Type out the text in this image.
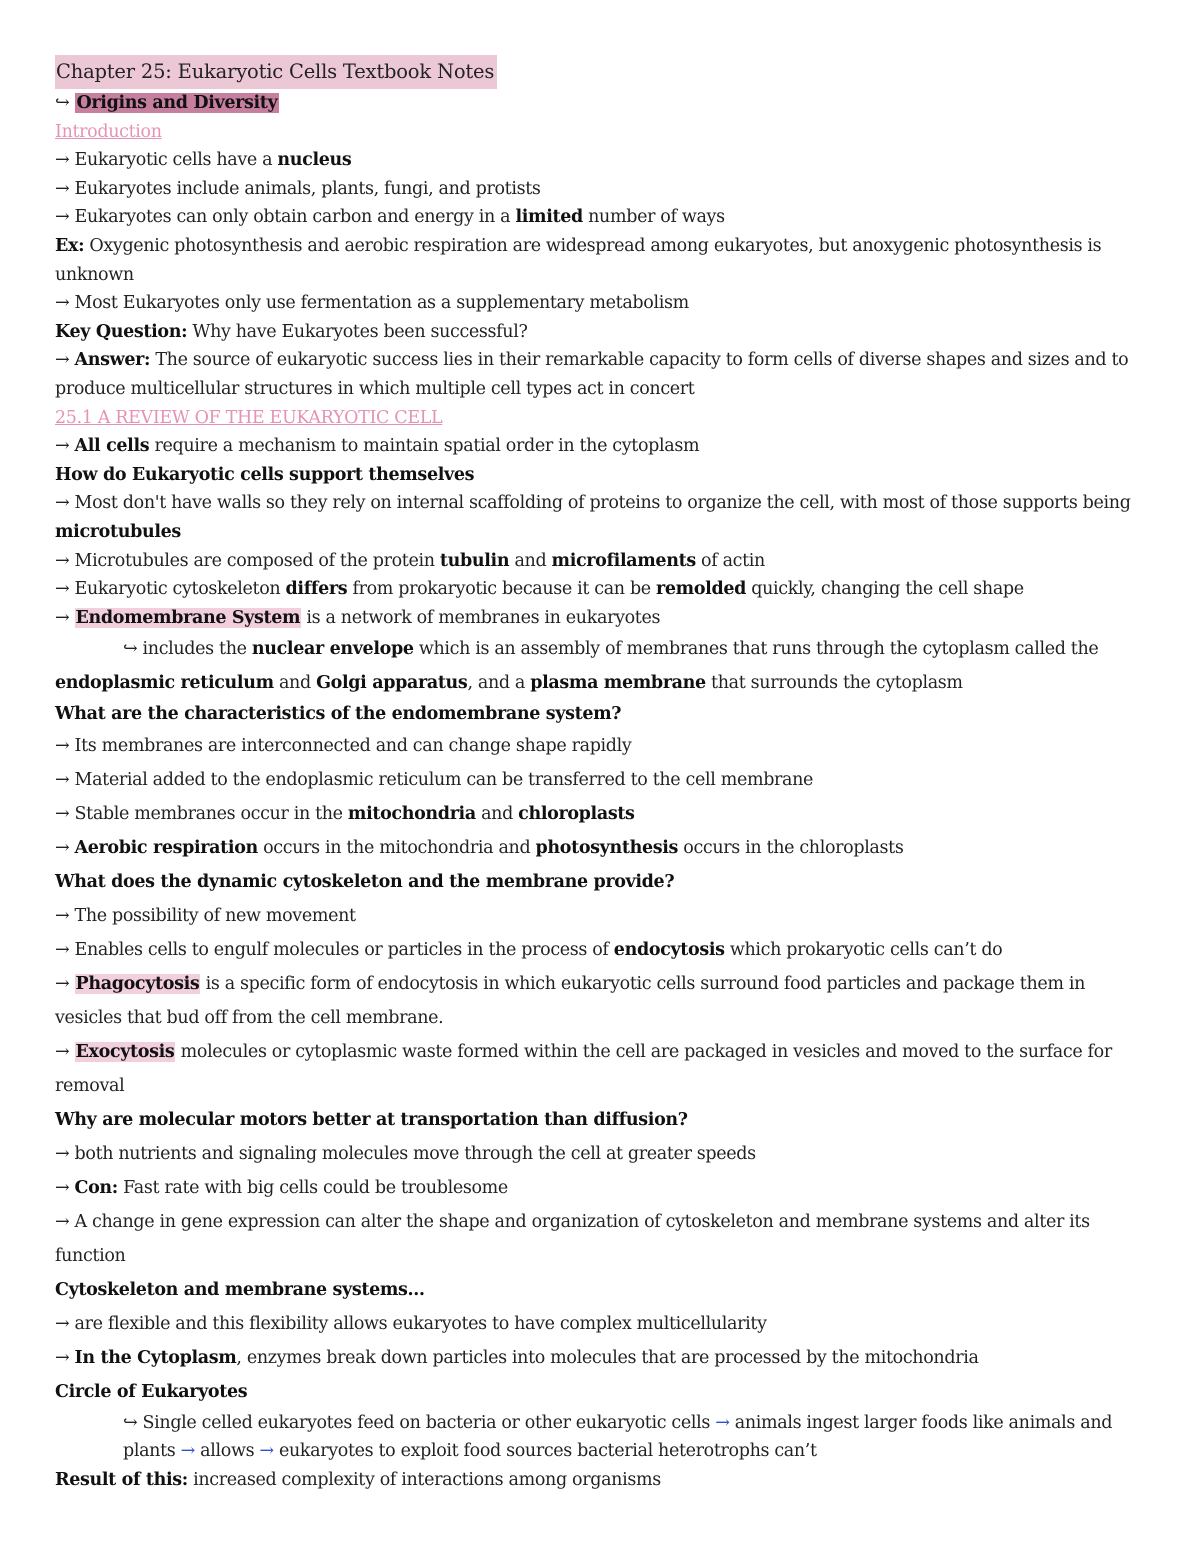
Chapter 25: Eukaryotic Cells Textbook Notes
↪ Origins and Diversity
Introduction
→ Eukaryotic cells have a nucleus
→ Eukaryotes include animals, plants, fungi, and protists
→ Eukaryotes can only obtain carbon and energy in a limited number of ways
Ex: Oxygenic photosynthesis and aerobic respiration are widespread among eukaryotes, but anoxygenic photosynthesis is unknown
→ Most Eukaryotes only use fermentation as a supplementary metabolism
Key Question: Why have Eukaryotes been successful?
→ Answer: The source of eukaryotic success lies in their remarkable capacity to form cells of diverse shapes and sizes and to produce multicellular structures in which multiple cell types act in concert
25.1 A REVIEW OF THE EUKARYOTIC CELL
→ All cells require a mechanism to maintain spatial order in the cytoplasm
How do Eukaryotic cells support themselves
→ Most don't have walls so they rely on internal scaffolding of proteins to organize the cell, with most of those supports being microtubules
→ Microtubules are composed of the protein tubulin and microfilaments of actin
→ Eukaryotic cytoskeleton differs from prokaryotic because it can be remolded quickly, changing the cell shape
→ Endomembrane System is a network of membranes in eukaryotes
↪ includes the nuclear envelope which is an assembly of membranes that runs through the cytoplasm called the
endoplasmic reticulum and Golgi apparatus, and a plasma membrane that surrounds the cytoplasm
What are the characteristics of the endomembrane system?
→ Its membranes are interconnected and can change shape rapidly
→ Material added to the endoplasmic reticulum can be transferred to the cell membrane
→ Stable membranes occur in the mitochondria and chloroplasts
→ Aerobic respiration occurs in the mitochondria and photosynthesis occurs in the chloroplasts
What does the dynamic cytoskeleton and the membrane provide?
→ The possibility of new movement
→ Enables cells to engulf molecules or particles in the process of endocytosis which prokaryotic cells can’t do
→ Phagocytosis is a specific form of endocytosis in which eukaryotic cells surround food particles and package them in vesicles that bud off from the cell membrane.
→ Exocytosis molecules or cytoplasmic waste formed within the cell are packaged in vesicles and moved to the surface for removal
Why are molecular motors better at transportation than diffusion?
→ both nutrients and signaling molecules move through the cell at greater speeds
→ Con: Fast rate with big cells could be troublesome
→ A change in gene expression can alter the shape and organization of cytoskeleton and membrane systems and alter its function
Cytoskeleton and membrane systems…
→ are flexible and this flexibility allows eukaryotes to have complex multicellularity
→ In the Cytoplasm, enzymes break down particles into molecules that are processed by the mitochondria
Circle of Eukaryotes
↪ Single celled eukaryotes feed on bacteria or other eukaryotic cells → animals ingest larger foods like animals and plants → allows → eukaryotes to exploit food sources bacterial heterotrophs can’t
Result of this: increased complexity of interactions among organisms
